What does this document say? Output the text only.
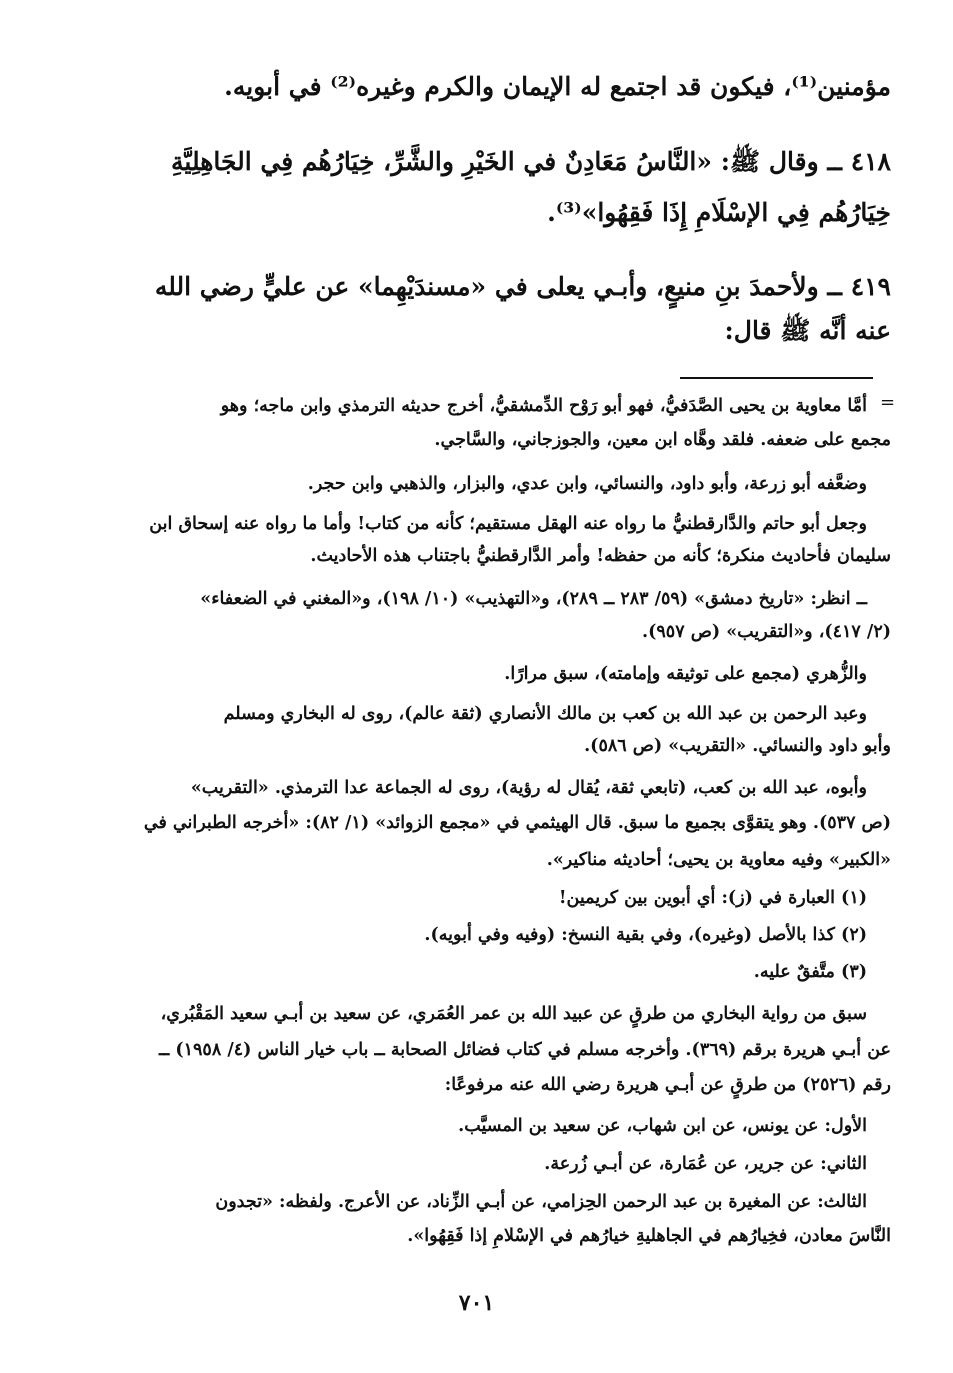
مؤمنين⁽¹⁾، فيكون قد اجتمع له الإيمان والكرم وغيره⁽²⁾ في أبويه.
٤١٨ ــ وقال ﷺ: «النَّاسُ مَعَادِنٌ في الخَيْرِ والشَّرِّ، خِيَارُهُم فِي الجَاهِلِيَّةِ
خِيَارُهُم فِي الإسْلَامِ إِذَا فَقِهُوا»⁽³⁾.
٤١٩ ــ ولأحمدَ بنِ منيعٍ، وأبـي يعلى في «مسندَيْهِما» عن عليٍّ رضي الله
عنه أنَّه ﷺ قال:
=
أمَّا معاوية بن يحيى الصَّدَفيُّ، فهو أبو رَوْح الدِّمشقيُّ، أخرج حديثه الترمذي وابن ماجه؛ وهو
مجمع على ضعفه. فلقد وهَّاه ابن معين، والجوزجاني، والسَّاجي.
وضعَّفه أبو زرعة، وأبو داود، والنسائي، وابن عدي، والبزار، والذهبي وابن حجر.
وجعل أبو حاتم والدَّارقطنيُّ ما رواه عنه الهقل مستقيم؛ كأنه من كتاب! وأما ما رواه عنه إسحاق ابن
سليمان فأحاديث منكرة؛ كأنه من حفظه! وأمر الدَّارقطنيُّ باجتناب هذه الأحاديث.
ــ انظر: «تاريخ دمشق» (٥٩/ ٢٨٣ ــ ٢٨٩)، و«التهذيب» (١٠/ ١٩٨)، و«المغني في الضعفاء»
(٢/ ٤١٧)، و«التقريب» (ص ٩٥٧).
والزُّهري (مجمع على توثيقه وإمامته)، سبق مرارًا.
وعبد الرحمن بن عبد الله بن كعب بن مالك الأنصاري (ثقة عالم)، روى له البخاري ومسلم
وأبو داود والنسائي. «التقريب» (ص ٥٨٦).
وأبوه، عبد الله بن كعب، (تابعي ثقة، يُقال له رؤية)، روى له الجماعة عدا الترمذي. «التقريب»
(ص ٥٣٧). وهو يتقوَّى بجميع ما سبق. قال الهيثمي في «مجمع الزوائد» (١/ ٨٢): «أخرجه الطبراني في
«الكبير» وفيه معاوية بن يحيى؛ أحاديثه مناكير».
(١) العبارة في (ز): أي أبوين بين كريمين!
(٢) كذا بالأصل (وغيره)، وفي بقية النسخ: (وفيه وفي أبويه).
(٣) متَّفقٌ عليه.
سبق من رواية البخاري من طرقٍ عن عبيد الله بن عمر العُمَري، عن سعيد بن أبـي سعيد المَقْبُري،
عن أبـي هريرة برقم (٣٦٩). وأخرجه مسلم في كتاب فضائل الصحابة ــ باب خيار الناس (٤/ ١٩٥٨) ــ
رقم (٢٥٢٦) من طرقٍ عن أبـي هريرة رضي الله عنه مرفوعًا:
الأول: عن يونس، عن ابن شهاب، عن سعيد بن المسيَّب.
الثاني: عن جرير، عن عُمَارة، عن أبـي زُرعة.
الثالث: عن المغيرة بن عبد الرحمن الحِزامي، عن أبـي الزِّناد، عن الأعرج. ولفظه: «تجدون
النَّاسَ معادن، فخِيارُهم في الجاهليةِ خيارُهم في الإسْلامِ إذا فَقِهُوا».
٧٠١
